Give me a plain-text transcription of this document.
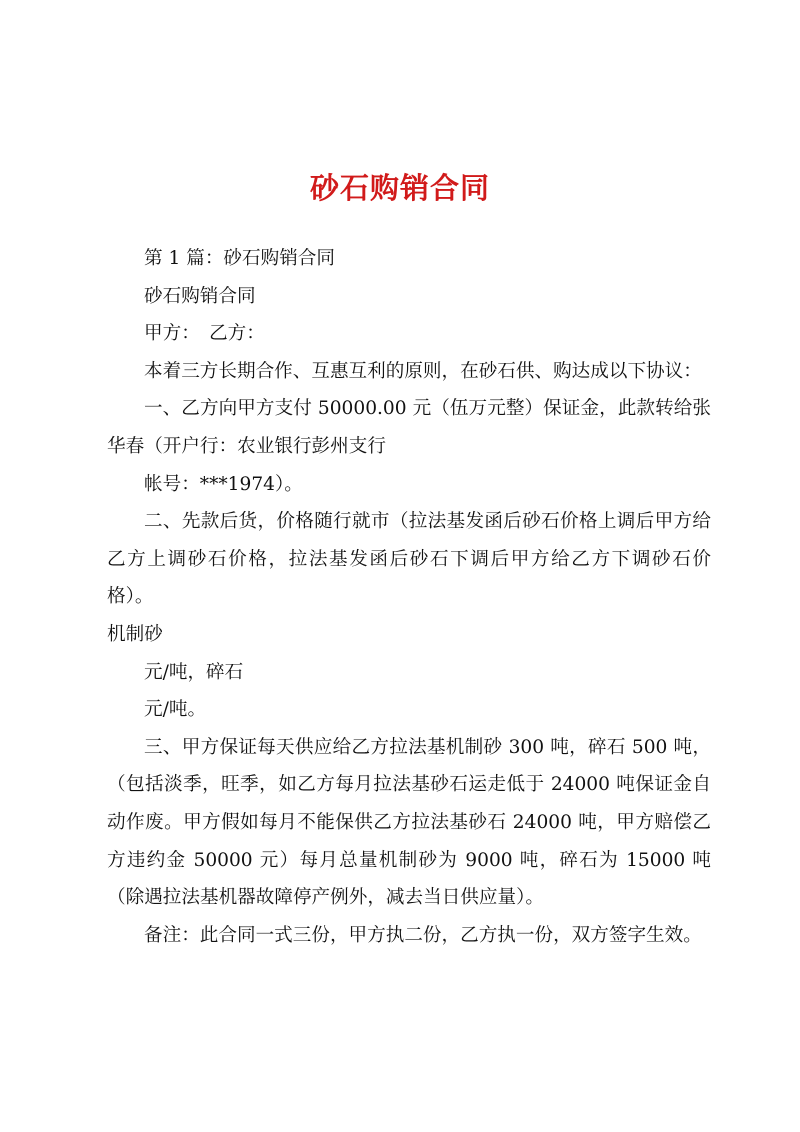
砂石购销合同

第 1 篇：砂石购销合同

砂石购销合同

甲方：　乙方：

本着三方长期合作、互惠互利的原则，在砂石供、购达成以下协议：

一、乙方向甲方支付 50000.00 元（伍万元整）保证金，此款转给张华春（开户行：农业银行彭州支行

帐号：***1974）。

二、先款后货，价格随行就市（拉法基发函后砂石价格上调后甲方给乙方上调砂石价格，拉法基发函后砂石下调后甲方给乙方下调砂石价格）。

机制砂

元/吨，碎石

元/吨。

三、甲方保证每天供应给乙方拉法基机制砂 300 吨，碎石 500 吨，（包括淡季，旺季，如乙方每月拉法基砂石运走低于 24000 吨保证金自动作废。甲方假如每月不能保供乙方拉法基砂石 24000 吨，甲方赔偿乙方违约金 50000 元）每月总量机制砂为 9000 吨，碎石为 15000 吨（除遇拉法基机器故障停产例外，减去当日供应量）。

备注：此合同一式三份，甲方执二份，乙方执一份，双方签字生效。
